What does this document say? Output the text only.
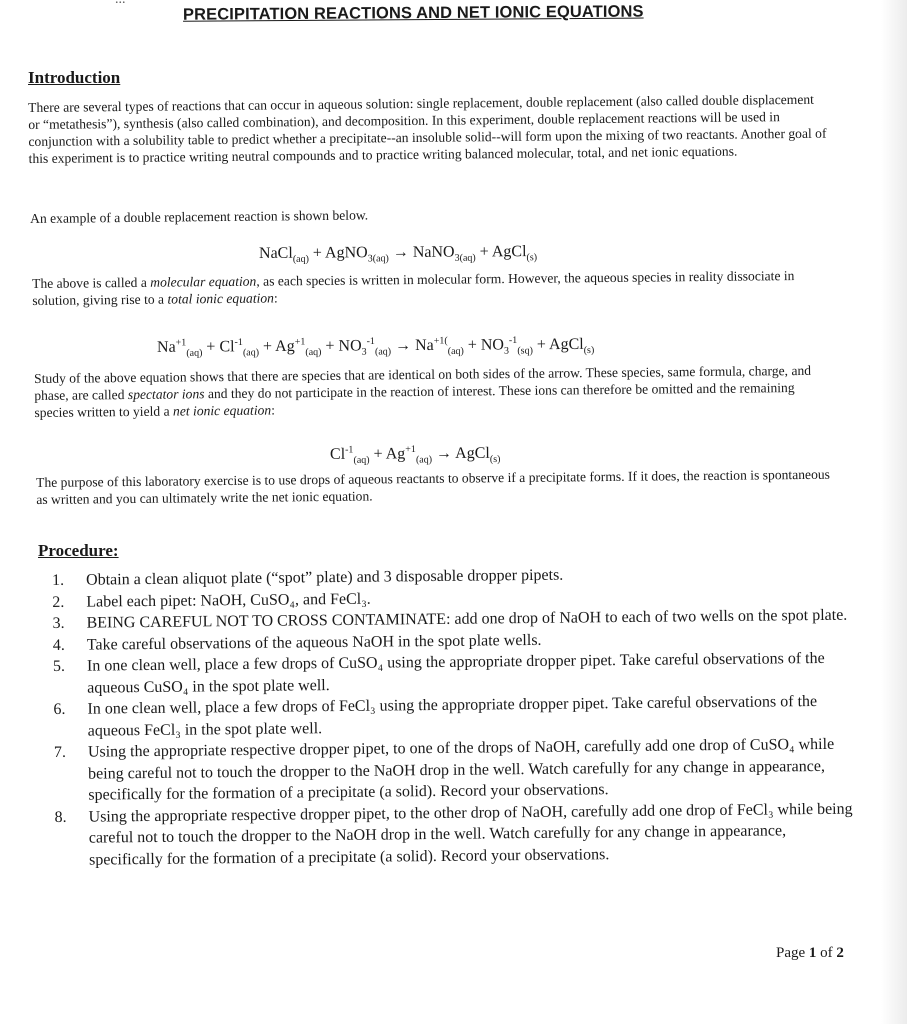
PRECIPITATION REACTIONS AND NET IONIC EQUATIONS
Introduction
There are several types of reactions that can occur in aqueous solution: single replacement, double replacement (also called double displacement or “metathesis”), synthesis (also called combination), and decomposition. In this experiment, double replacement reactions will be used in conjunction with a solubility table to predict whether a precipitate--an insoluble solid--will form upon the mixing of two reactants. Another goal of this experiment is to practice writing neutral compounds and to practice writing balanced molecular, total, and net ionic equations.
An example of a double replacement reaction is shown below.
NaCl$_{(aq)}$ + AgNO$_{3(aq)}$ → NaNO$_{3(aq)}$ + AgCl$_{(s)}$
The above is called a molecular equation, as each species is written in molecular form. However, the aqueous species in reality dissociate in solution, giving rise to a total ionic equation:
$Na^{+1}_{(aq)} + Cl^{-1}_{(aq)} + Ag^{+1}_{(aq)} + NO_3^{-1}_{(aq)} \to Na^{+1(}_{(aq)} + NO_3^{-1}_{(sq)}$ + AgCl$_{(s)}$
Study of the above equation shows that there are species that are identical on both sides of the arrow. These species, same formula, charge, and phase, are called spectator ions and they do not participate in the reaction of interest. These ions can therefore be omitted and the remaining species written to yield a net ionic equation:
$Cl^{-1}_{(aq)} + Ag^{+1}_{(aq)}$ → AgCl$_{(s)}$
The purpose of this laboratory exercise is to use drops of aqueous reactants to observe if a precipitate forms. If it does, the reaction is spontaneous as written and you can ultimately write the net ionic equation.
Procedure:
1.	Obtain a clean aliquot plate (“spot” plate) and 3 disposable dropper pipets.
2.	Label each pipet: NaOH, CuSO₄, and FeCl₃.
3.	BEING CAREFUL NOT TO CROSS CONTAMINATE: add one drop of NaOH to each of two wells on the spot plate.
4.	Take careful observations of the aqueous NaOH in the spot plate wells.
5.	In one clean well, place a few drops of CuSO₄ using the appropriate dropper pipet. Take careful observations of the aqueous CuSO₄ in the spot plate well.
6.	In one clean well, place a few drops of FeCl₃ using the appropriate dropper pipet. Take careful observations of the aqueous FeCl₃ in the spot plate well.
7.	Using the appropriate respective dropper pipet, to one of the drops of NaOH, carefully add one drop of CuSO₄ while being careful not to touch the dropper to the NaOH drop in the well. Watch carefully for any change in appearance, specifically for the formation of a precipitate (a solid). Record your observations.
8.	Using the appropriate respective dropper pipet, to the other drop of NaOH, carefully add one drop of FeCl₃ while being careful not to touch the dropper to the NaOH drop in the well. Watch carefully for any change in appearance, specifically for the formation of a precipitate (a solid). Record your observations.
Page 1 of 2
